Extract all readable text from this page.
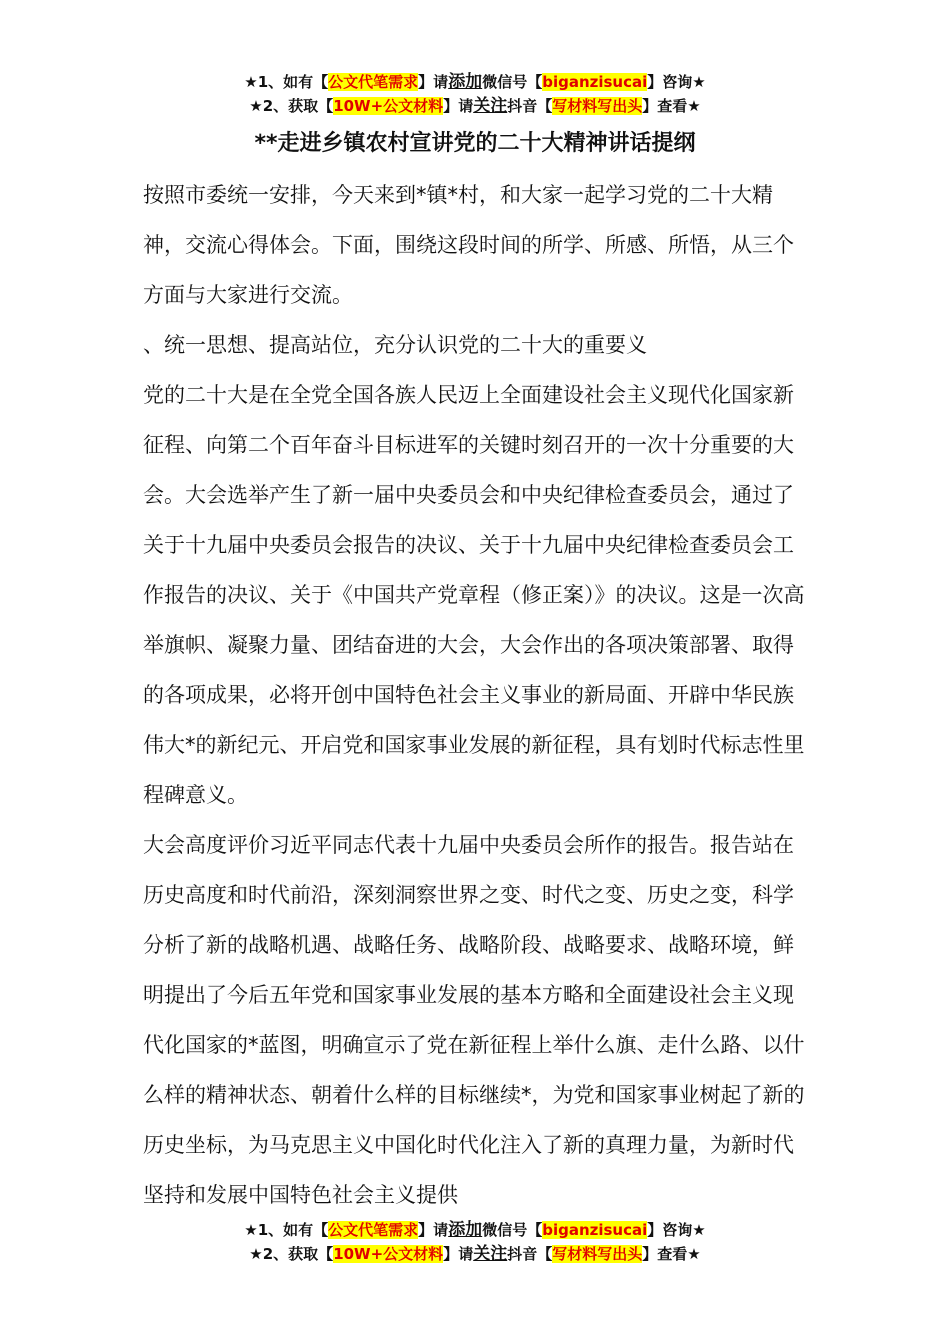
★1、如有【公文代笔需求】请添加微信号【biganzisucai】咨询★
★2、获取【10W+公文材料】请关注抖音【写材料写出头】查看★
**走进乡镇农村宣讲党的二十大精神讲话提纲

按照市委统一安排，今天来到*镇*村，和大家一起学习党的二十大精神，交流心得体会。下面，围绕这段时间的所学、所感、所悟，从三个方面与大家进行交流。

、统一思想、提高站位，充分认识党的二十大的重要义

党的二十大是在全党全国各族人民迈上全面建设社会主义现代化国家新征程、向第二个百年奋斗目标进军的关键时刻召开的一次十分重要的大会。大会选举产生了新一届中央委员会和中央纪律检查委员会，通过了关于十九届中央委员会报告的决议、关于十九届中央纪律检查委员会工作报告的决议、关于《中国共产党章程（修正案）》的决议。这是一次高举旗帜、凝聚力量、团结奋进的大会，大会作出的各项决策部署、取得的各项成果，必将开创中国特色社会主义事业的新局面、开辟中华民族伟大*的新纪元、开启党和国家事业发展的新征程，具有划时代标志性里程碑意义。

大会高度评价习近平同志代表十九届中央委员会所作的报告。报告站在历史高度和时代前沿，深刻洞察世界之变、时代之变、历史之变，科学分析了新的战略机遇、战略任务、战略阶段、战略要求、战略环境，鲜明提出了今后五年党和国家事业发展的基本方略和全面建设社会主义现代化国家的*蓝图，明确宣示了党在新征程上举什么旗、走什么路、以什么样的精神状态、朝着什么样的目标继续*，为党和国家事业树起了新的历史坐标，为马克思主义中国化时代化注入了新的真理力量，为新时代坚持和发展中国特色社会主义提供

★1、如有【公文代笔需求】请添加微信号【biganzisucai】咨询★
★2、获取【10W+公文材料】请关注抖音【写材料写出头】查看★
